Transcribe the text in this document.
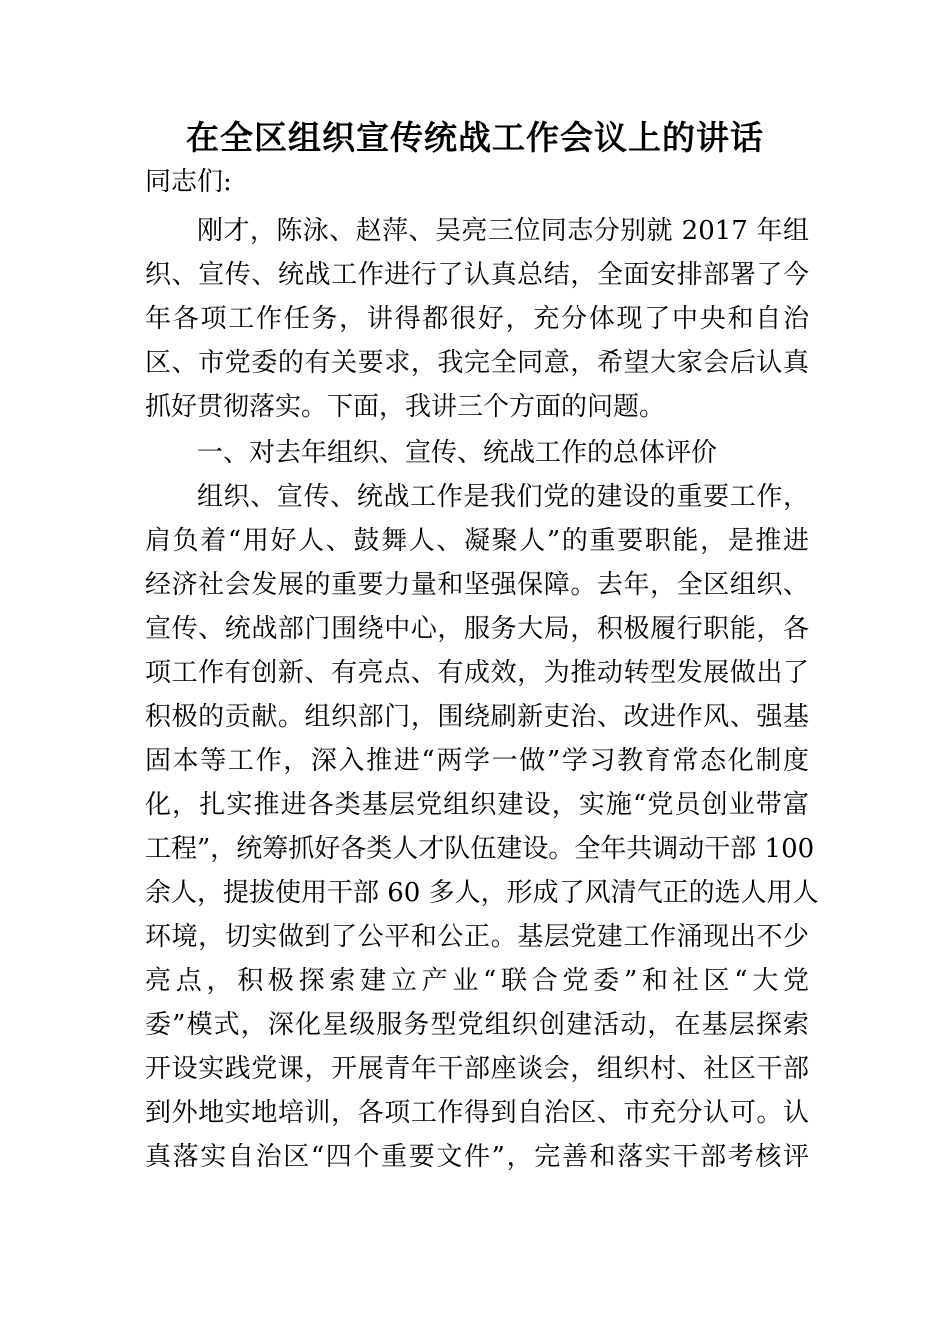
在全区组织宣传统战工作会议上的讲话

同志们:

刚才，陈泳、赵萍、吴亮三位同志分别就 2017 年组

织、宣传、统战工作进行了认真总结，全面安排部署了今

年各项工作任务，讲得都很好，充分体现了中央和自治

区、市党委的有关要求，我完全同意，希望大家会后认真

抓好贯彻落实。下面，我讲三个方面的问题。

一、对去年组织、宣传、统战工作的总体评价

组织、宣传、统战工作是我们党的建设的重要工作，

肩负着“用好人、鼓舞人、凝聚人”的重要职能，是推进

经济社会发展的重要力量和坚强保障。去年，全区组织、

宣传、统战部门围绕中心，服务大局，积极履行职能，各

项工作有创新、有亮点、有成效，为推动转型发展做出了

积极的贡献。组织部门，围绕刷新吏治、改进作风、强基

固本等工作，深入推进“两学一做”学习教育常态化制度

化，扎实推进各类基层党组织建设，实施“党员创业带富

工程”，统筹抓好各类人才队伍建设。全年共调动干部 100

余人，提拔使用干部 60 多人，形成了风清气正的选人用人

环境，切实做到了公平和公正。基层党建工作涌现出不少

亮点，积极探索建立产业“联合党委”和社区“大党

委”模式，深化星级服务型党组织创建活动，在基层探索

开设实践党课，开展青年干部座谈会，组织村、社区干部

到外地实地培训，各项工作得到自治区、市充分认可。认

真落实自治区“四个重要文件”，完善和落实干部考核评
